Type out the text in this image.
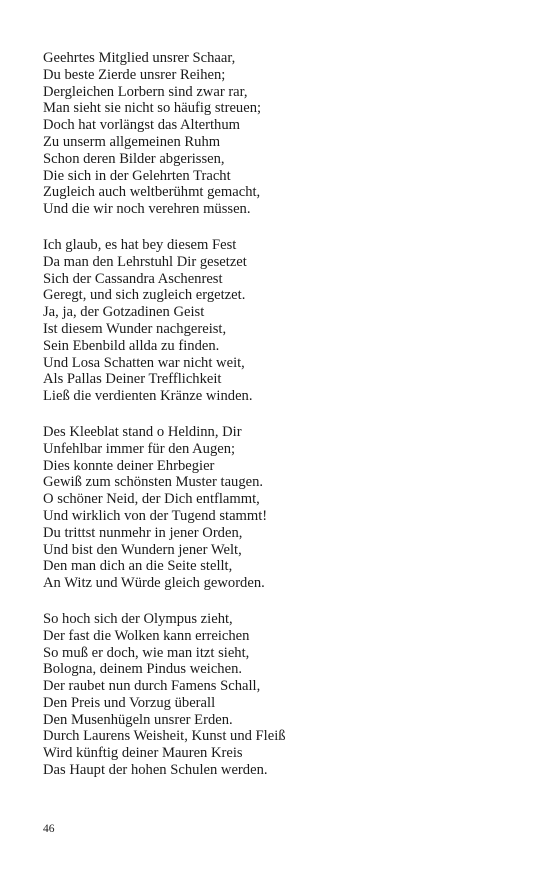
Geehrtes Mitglied unsrer Schaar,
Du beste Zierde unsrer Reihen;
Dergleichen Lorbern sind zwar rar,
Man sieht sie nicht so häufig streuen;
Doch hat vorlängst das Alterthum
Zu unserm allgemeinen Ruhm
Schon deren Bilder abgerissen,
Die sich in der Gelehrten Tracht
Zugleich auch weltberühmt gemacht,
Und die wir noch verehren müssen.
Ich glaub, es hat bey diesem Fest
Da man den Lehrstuhl Dir gesetzet
Sich der Cassandra Aschenrest
Geregt, und sich zugleich ergetzet.
Ja, ja, der Gotzadinen Geist
Ist diesem Wunder nachgereist,
Sein Ebenbild allda zu finden.
Und Losa Schatten war nicht weit,
Als Pallas Deiner Trefflichkeit
Ließ die verdienten Kränze winden.
Des Kleeblat stand o Heldinn, Dir
Unfehlbar immer für den Augen;
Dies konnte deiner Ehrbegier
Gewiß zum schönsten Muster taugen.
O schöner Neid, der Dich entflammt,
Und wirklich von der Tugend stammt!
Du trittst nunmehr in jener Orden,
Und bist den Wundern jener Welt,
Den man dich an die Seite stellt,
An Witz und Würde gleich geworden.
So hoch sich der Olympus zieht,
Der fast die Wolken kann erreichen
So muß er doch, wie man itzt sieht,
Bologna, deinem Pindus weichen.
Der raubet nun durch Famens Schall,
Den Preis und Vorzug überall
Den Musenhügeln unsrer Erden.
Durch Laurens Weisheit, Kunst und Fleiß
Wird künftig deiner Mauren Kreis
Das Haupt der hohen Schulen werden.
46
